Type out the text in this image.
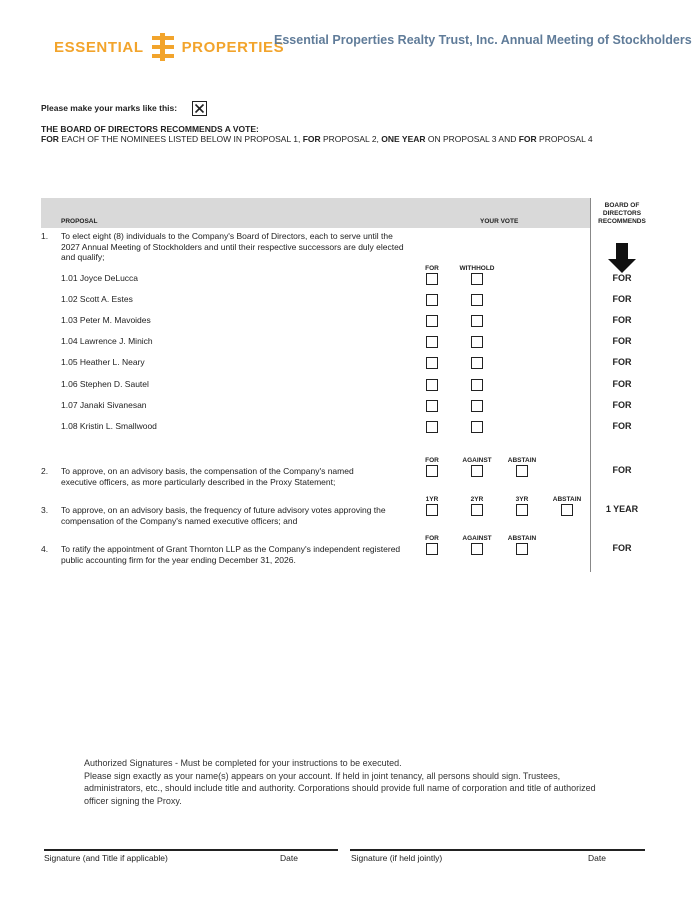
ESSENTIAL	PROPERTIES
Essential Properties Realty Trust, Inc. Annual Meeting of Stockholders
Please make your marks like this:
THE BOARD OF DIRECTORS RECOMMENDS A VOTE:
FOR EACH OF THE NOMINEES LISTED BELOW IN PROPOSAL 1, FOR PROPOSAL 2, ONE YEAR ON PROPOSAL 3 AND FOR PROPOSAL 4
PROPOSAL	YOUR VOTE
BOARD OF
DIRECTORS
RECOMMENDS
1. To elect eight (8) individuals to the Company's Board of Directors, each to serve until the 2027 Annual Meeting of Stockholders and until their respective successors are duly elected and qualify;
FOR	WITHHOLD
1.01 Joyce DeLucca	FOR
1.02 Scott A. Estes	FOR
1.03 Peter M. Mavoides	FOR
1.04 Lawrence J. Minich	FOR
1.05 Heather L. Neary	FOR
1.06 Stephen D. Sautel	FOR
1.07 Janaki Sivanesan	FOR
1.08 Kristin L. Smallwood	FOR
FOR	AGAINST	ABSTAIN
2. To approve, on an advisory basis, the compensation of the Company's named executive officers, as more particularly described in the Proxy Statement;
FOR
1YR	2YR	3YR	ABSTAIN
3. To approve, on an advisory basis, the frequency of future advisory votes approving the compensation of the Company's named executive officers; and
1 YEAR
FOR	AGAINST	ABSTAIN
4. To ratify the appointment of Grant Thornton LLP as the Company's independent registered public accounting firm for the year ending December 31, 2026.
FOR
Authorized Signatures - Must be completed for your instructions to be executed.
Please sign exactly as your name(s) appears on your account. If held in joint tenancy, all persons should sign. Trustees, administrators, etc., should include title and authority. Corporations should provide full name of corporation and title of authorized officer signing the Proxy.
Signature (and Title if applicable)	Date	Signature (if held jointly)	Date
